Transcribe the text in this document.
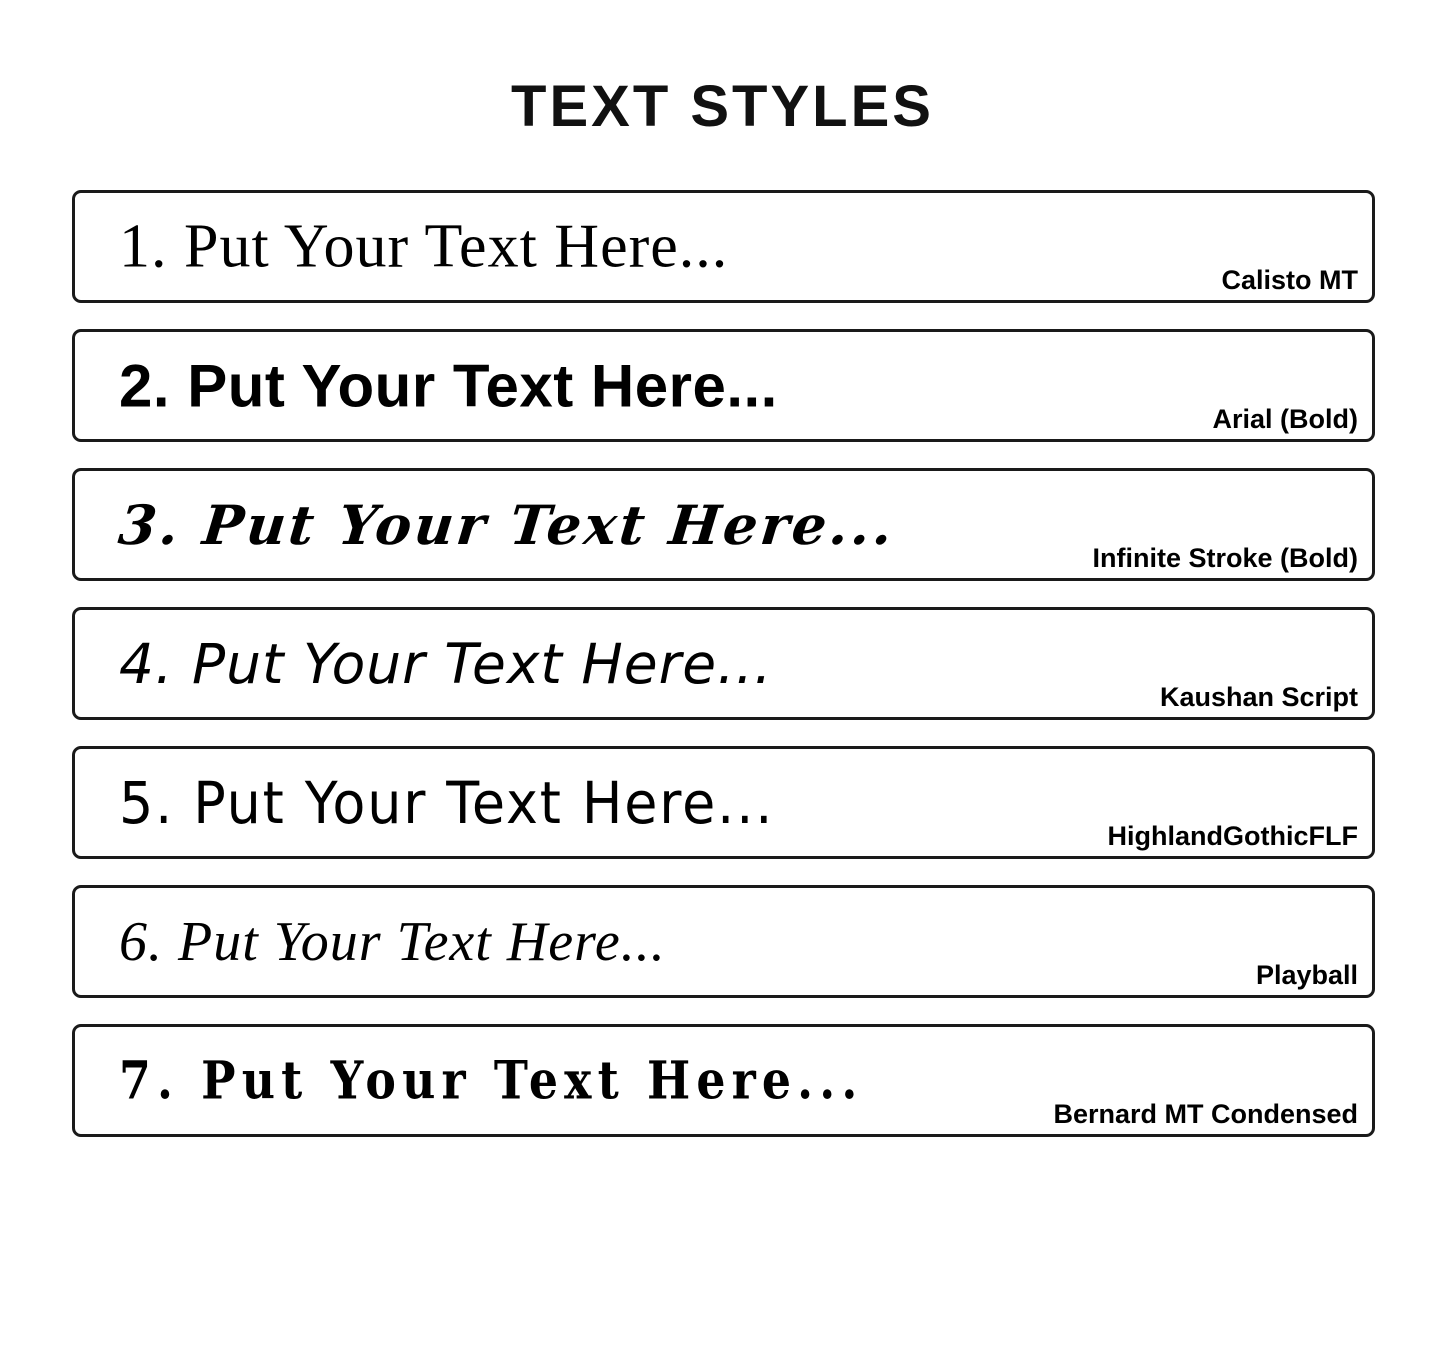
TEXT STYLES
1. Put Your Text Here...	Calisto MT
2. Put Your Text Here...	Arial (Bold)
3. Put Your Text Here...
Infinite Stroke (Bold)
4. Put Your Text Here...
Kaushan Script
5. Put Your Text Here...	HighlandGothicFLF
6. Put Your Text Here...
Playball
7. Put Your Text Here...
Bernard MT Condensed
